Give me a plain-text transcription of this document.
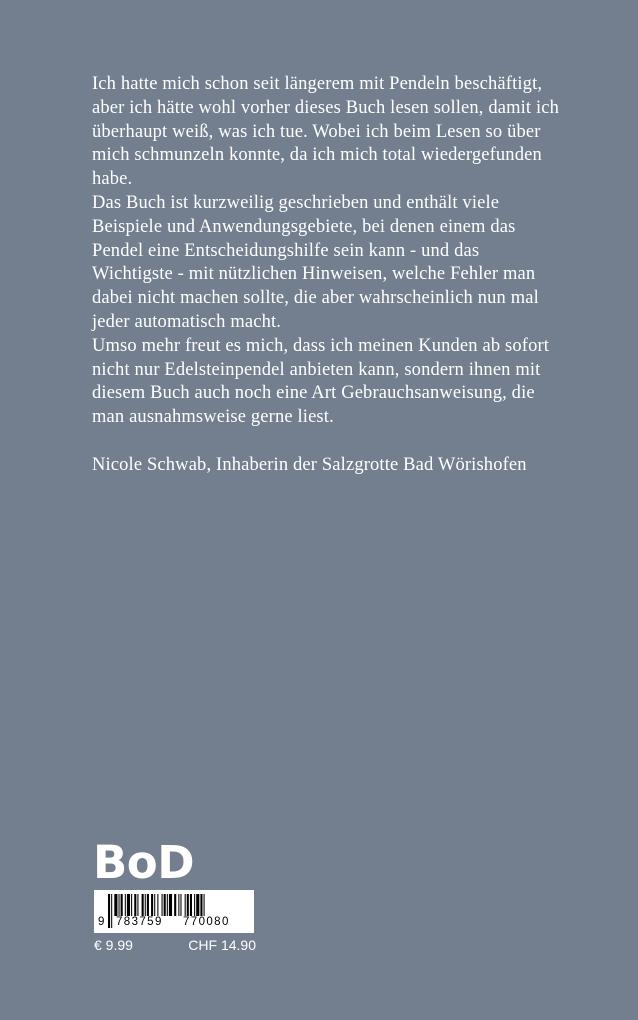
Ich hatte mich schon seit längerem mit Pendeln beschäftigt, aber ich hätte wohl vorher dieses Buch lesen sollen, damit ich überhaupt weiß, was ich tue. Wobei ich beim Lesen so über mich schmunzeln konnte, da ich mich total wiedergefunden habe.

Das Buch ist kurzweilig geschrieben und enthält viele Beispiele und Anwendungsgebiete, bei denen einem das Pendel eine Entscheidungshilfe sein kann - und das Wichtigste - mit nützlichen Hinweisen, welche Fehler man dabei nicht machen sollte, die aber wahrscheinlich nun mal jeder automatisch macht.

Umso mehr freut es mich, dass ich meinen Kunden ab sofort nicht nur Edelsteinpendel anbieten kann, sondern ihnen mit diesem Buch auch noch eine Art Gebrauchsanweisung, die man ausnahmsweise gerne liest.

Nicole Schwab, Inhaberin der Salzgrotte Bad Wörishofen

BoD
9 783759 770080
€ 9.99	CHF 14.90
